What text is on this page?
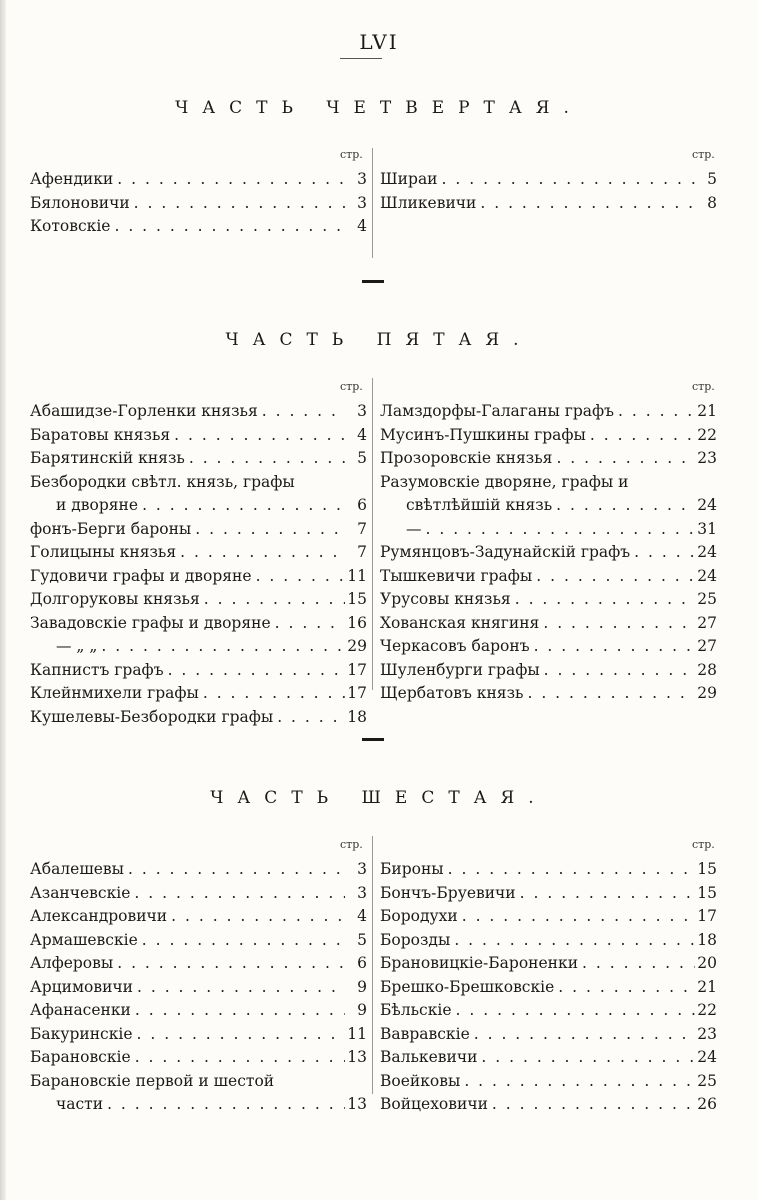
LVI
ЧАСТЬ ЧЕТВЕРТАЯ.
стр.	стр.
Афендики . . .	3
Бялоновичи . . .	3
Котовскіе . . .	4
Шираи . . .	5
Шликевичи . . .	8
ЧАСТЬ ПЯТАЯ.
стр.	стр.
Абашидзе-Горленки князья . . .	3
Баратовы князья . . .	4
Барятинскій князь . . .	5
Безбородки свѣтл. князь, графы
и дворяне . . .	6
фонъ-Берги бароны . . .	7
Голицыны князья . . .	7
Гудовичи графы и дворяне . . .	11
Долгоруковы князья . . .	15
Завадовскіе графы и дворяне . . .	16
— „ „ . . .	29
Капнистъ графъ . . .	17
Клейнмихели графы . . .	17
Кушелевы-Безбородки графы . . .	18
Ламздорфы-Галаганы графъ . . .	21
Мусинъ-Пушкины графы . . .	22
Прозоровскіе князья . . .	23
Разумовскіе дворяне, графы и
свѣтлѣйшій князь . . .	24
— . . .	31
Румянцовъ-Задунайскій графъ . . .	24
Тышкевичи графы . . .	24
Урусовы князья . . .	25
Хованская княгиня . . .	27
Черкасовъ баронъ . . .	27
Шуленбурги графы . . .	28
Щербатовъ князь . . .	29
ЧАСТЬ ШЕСТАЯ.
стр.	стр.
Абалешевы . . .	3
Азанчевскіе . . .	3
Александровичи . . .	4
Армашевскіе . . .	5
Алферовы . . .	6
Арцимовичи . . .	9
Афанасенки . . .	9
Бакуринскіе . . .	11
Барановскіе . . .	13
Барановскіе первой и шестой
части . . .	13
Бироны . . .	15
Бончъ-Бруевичи . . .	15
Бородухи . . .	17
Борозды . . .	18
Брановицкіе-Бароненки . . .	20
Брешко-Брешковскіе . . .	21
Бѣльскіе . . .	22
Вавравскіе . . .	23
Валькевичи . . .	24
Воейковы . . .	25
Войцеховичи . . .	26
